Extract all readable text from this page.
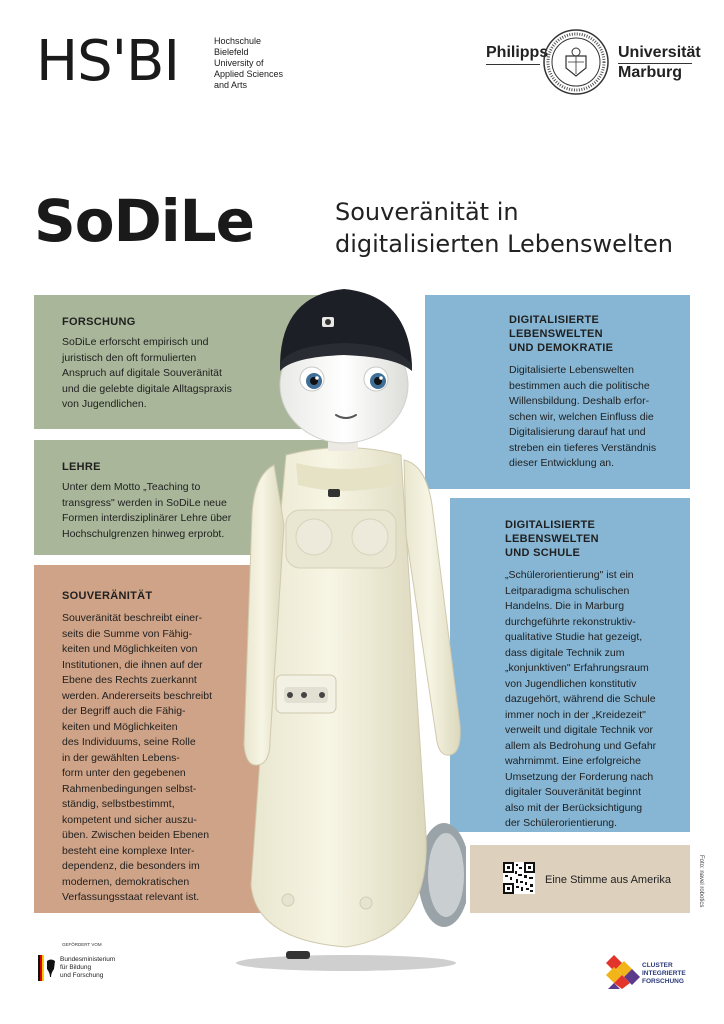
HS'BI	Hochschule
Bielefeld
University of
Applied Sciences
and Arts
Philipps	Universität
Marburg
SoDiLe	Souveränität in
digitalisierten Lebenswelten
FORSCHUNG
SoDiLe erforscht empirisch und
juristisch den oft formulierten
Anspruch auf digitale Souveränität
und die gelebte digitale Alltagspraxis
von Jugendlichen.
LEHRE
Unter dem Motto „Teaching to
transgress" werden in SoDiLe neue
Formen interdisziplinärer Lehre über
Hochschulgrenzen hinweg erprobt.
SOUVERÄNITÄT
Souveränität beschreibt einer-
seits die Summe von Fähig-
keiten und Möglichkeiten von
Institutionen, die ihnen auf der
Ebene des Rechts zuerkannt
werden. Andererseits beschreibt
der Begriff auch die Fähig-
keiten und Möglichkeiten
des Individuums, seine Rolle
in der gewählten Lebens-
form unter den gegebenen
Rahmenbedingungen selbst-
ständig, selbstbestimmt,
kompetent und sicher auszu-
üben. Zwischen beiden Ebenen
besteht eine komplexe Inter-
dependenz, die besonders im
modernen, demokratischen
Verfassungsstaat relevant ist.
DIGITALISIERTE
LEBENSWELTEN
UND DEMOKRATIE
Digitalisierte Lebenswelten
bestimmen auch die politische
Willensbildung. Deshalb erfor-
schen wir, welchen Einfluss die
Digitalisierung darauf hat und
streben ein tieferes Verständnis
dieser Entwicklung an.
DIGITALISIERTE
LEBENSWELTEN
UND SCHULE
„Schülerorientierung" ist ein
Leitparadigma schulischen
Handelns. Die in Marburg
durchgeführte rekonstruktiv-
qualitative Studie hat gezeigt,
dass digitale Technik zum
„konjunktiven" Erfahrungsraum
von Jugendlichen konstitutiv
dazugehört, während die Schule
immer noch in der „Kreidezeit"
verweilt und digitale Technik vor
allem als Bedrohung und Gefahr
wahrnimmt. Eine erfolgreiche
Umsetzung der Forderung nach
digitaler Souveränität beginnt
also mit der Berücksichtigung
der Schülerorientierung.
Eine Stimme aus Amerika	Foto: navel robotics
GEFÖRDERT VOM
Bundesministerium
für Bildung
und Forschung
CLUSTER
INTEGRIERTE
FORSCHUNG
